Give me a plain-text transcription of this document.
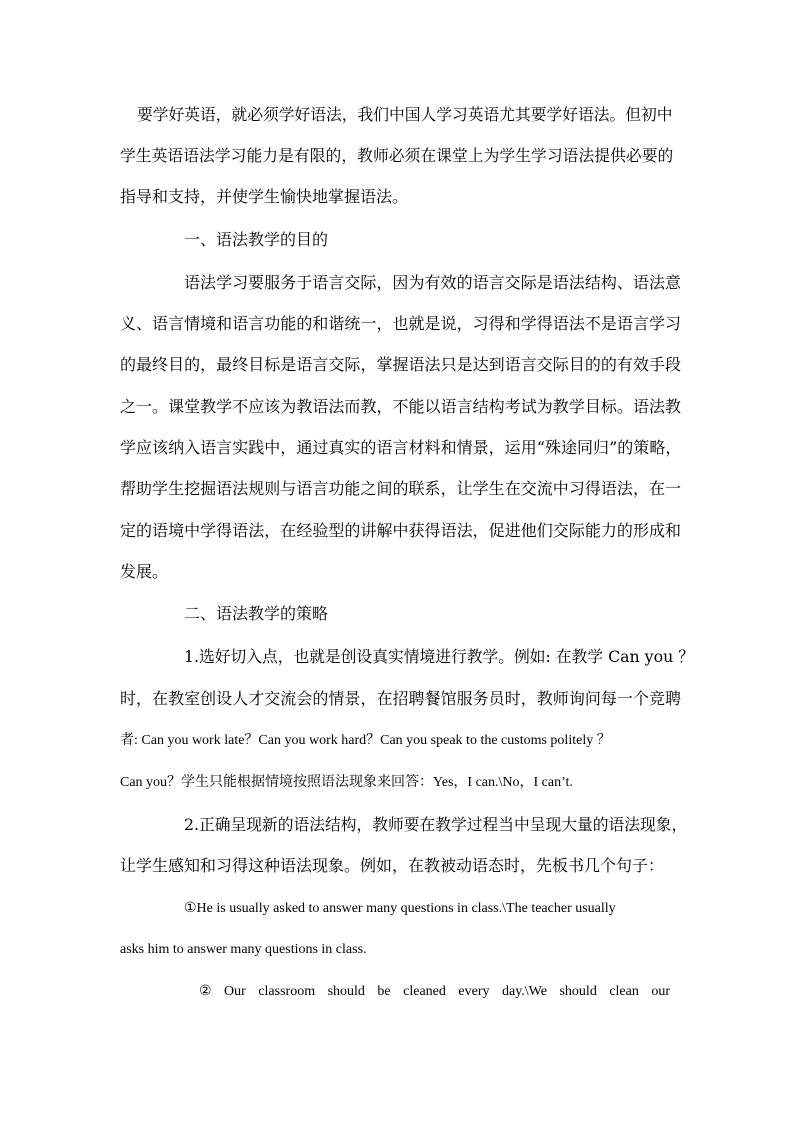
要学好英语，就必须学好语法，我们中国人学习英语尤其要学好语法。但初中
学生英语语法学习能力是有限的，教师必须在课堂上为学生学习语法提供必要的
指导和支持，并使学生愉快地掌握语法。
一、语法教学的目的
语法学习要服务于语言交际，因为有效的语言交际是语法结构、语法意
义、语言情境和语言功能的和谐统一，也就是说，习得和学得语法不是语言学习
的最终目的，最终目标是语言交际，掌握语法只是达到语言交际目的的有效手段
之一。课堂教学不应该为教语法而教，不能以语言结构考试为教学目标。语法教
学应该纳入语言实践中，通过真实的语言材料和情景，运用“殊途同归”的策略，
帮助学生挖掘语法规则与语言功能之间的联系，让学生在交流中习得语法，在一
定的语境中学得语法，在经验型的讲解中获得语法，促进他们交际能力的形成和
发展。
二、语法教学的策略
1.选好切入点，也就是创设真实情境进行教学。例如: 在教学 Can you ？
时，在教室创设人才交流会的情景，在招聘餐馆服务员时，教师询问每一个竞聘
者: Can you work late？Can you work hard？Can you speak to the customs politely ？
Can you？学生只能根据情境按照语法现象来回答：Yes，I can.\No，I can’t.
2.正确呈现新的语法结构，教师要在教学过程当中呈现大量的语法现象，
让学生感知和习得这种语法现象。例如，在教被动语态时，先板书几个句子：
①He is usually asked to answer many questions in class.\The teacher usually
asks him to answer many questions in class.
② Our classroom should be cleaned every day.\We should clean our
